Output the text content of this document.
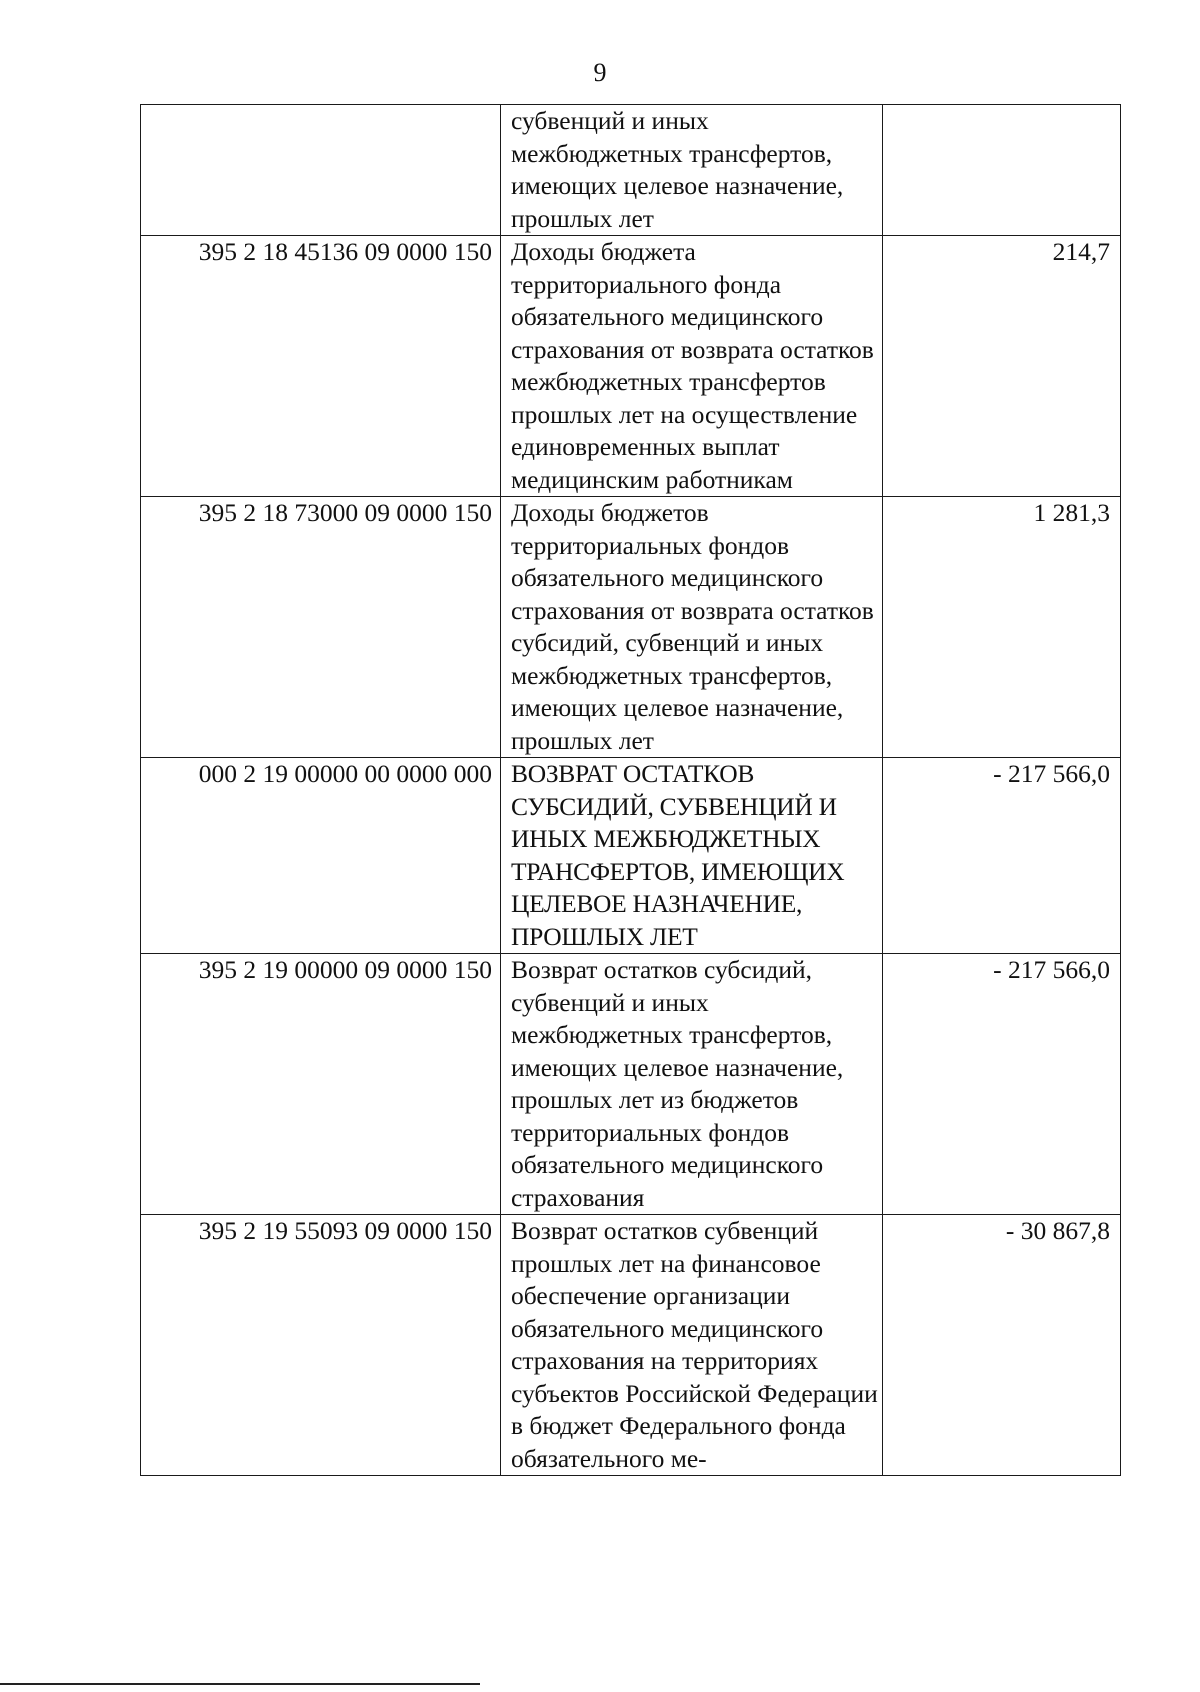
9
	субвенций и иных межбюджетных трансфертов, имеющих целевое назначение, прошлых лет	
395 2 18 45136 09 0000 150	Доходы бюджета территориального фонда обязательного медицинского страхования от возврата остатков межбюджетных трансфертов прошлых лет на осуществление единовременных выплат медицинским работникам	214,7
395 2 18 73000 09 0000 150	Доходы бюджетов территориальных фондов обязательного медицинского страхования от возврата остатков субсидий, субвенций и иных межбюджетных трансфертов, имеющих целевое назначение, прошлых лет	1 281,3
000 2 19 00000 00 0000 000	ВОЗВРАТ ОСТАТКОВ СУБСИДИЙ, СУБВЕНЦИЙ И ИНЫХ МЕЖБЮДЖЕТНЫХ ТРАНСФЕРТОВ, ИМЕЮЩИХ ЦЕЛЕВОЕ НАЗНАЧЕНИЕ, ПРОШЛЫХ ЛЕТ	- 217 566,0
395 2 19 00000 09 0000 150	Возврат остатков субсидий, субвенций и иных межбюджетных трансфертов, имеющих целевое назначение, прошлых лет из бюджетов территориальных фондов обязательного медицинского страхования	- 217 566,0
395 2 19 55093 09 0000 150	Возврат остатков субвенций прошлых лет на финансовое обеспечение организации обязательного медицинского страхования на территориях субъектов Российской Федерации в бюджет Федерального фонда обязательного ме-	- 30 867,8
